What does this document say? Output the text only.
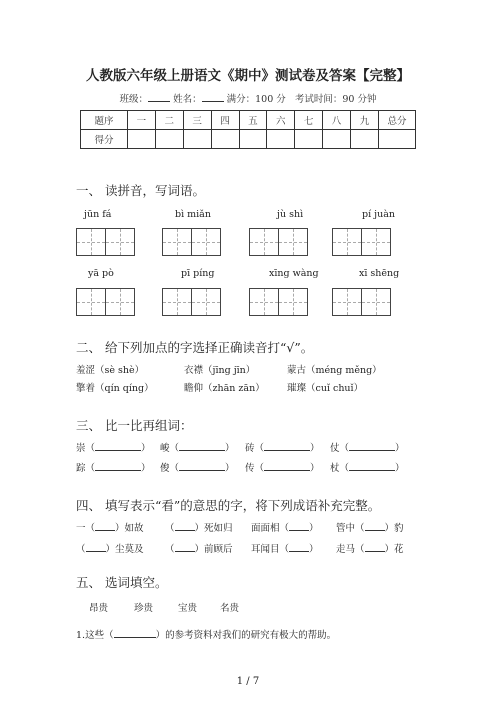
人教版六年级上册语文《期中》测试卷及答案【完整】
班级：	姓名：	满分：100 分 考试时间：90 分钟
题序	一	二	三	四	五	六	七	八	九	总分
得分										
一、 读拼音，写词语。
jūn fá	bì miǎn	jù shì	pí juàn
yā pò	pī píng	xīng wàng	xī shēng
二、 给下列加点的字选择正确读音打“√”。
羞涩（sè shè）	衣襟（jīng jīn）	蒙古（méng měng）
擎着（qín qíng）	瞻仰（zhān zān） 璀璨（cuǐ chuǐ）
三、 比一比再组词：
崇（	） 峻（	） 砖（	） 仗（	）
踪（	） 俊（	） 传（	） 杖（	）
四、 填写表示“看”的意思的字，将下列成语补充完整。
一（ ）如故 （ ）死如归 面面相（ ） 管中（ ）豹
（ ）尘莫及 （ ）前顾后 耳闻目（ ） 走马（ ）花
五、 选词填空。
昂贵	珍贵	宝贵 名贵
1.这些（	）的参考资料对我们的研究有极大的帮助。
1 / 7
